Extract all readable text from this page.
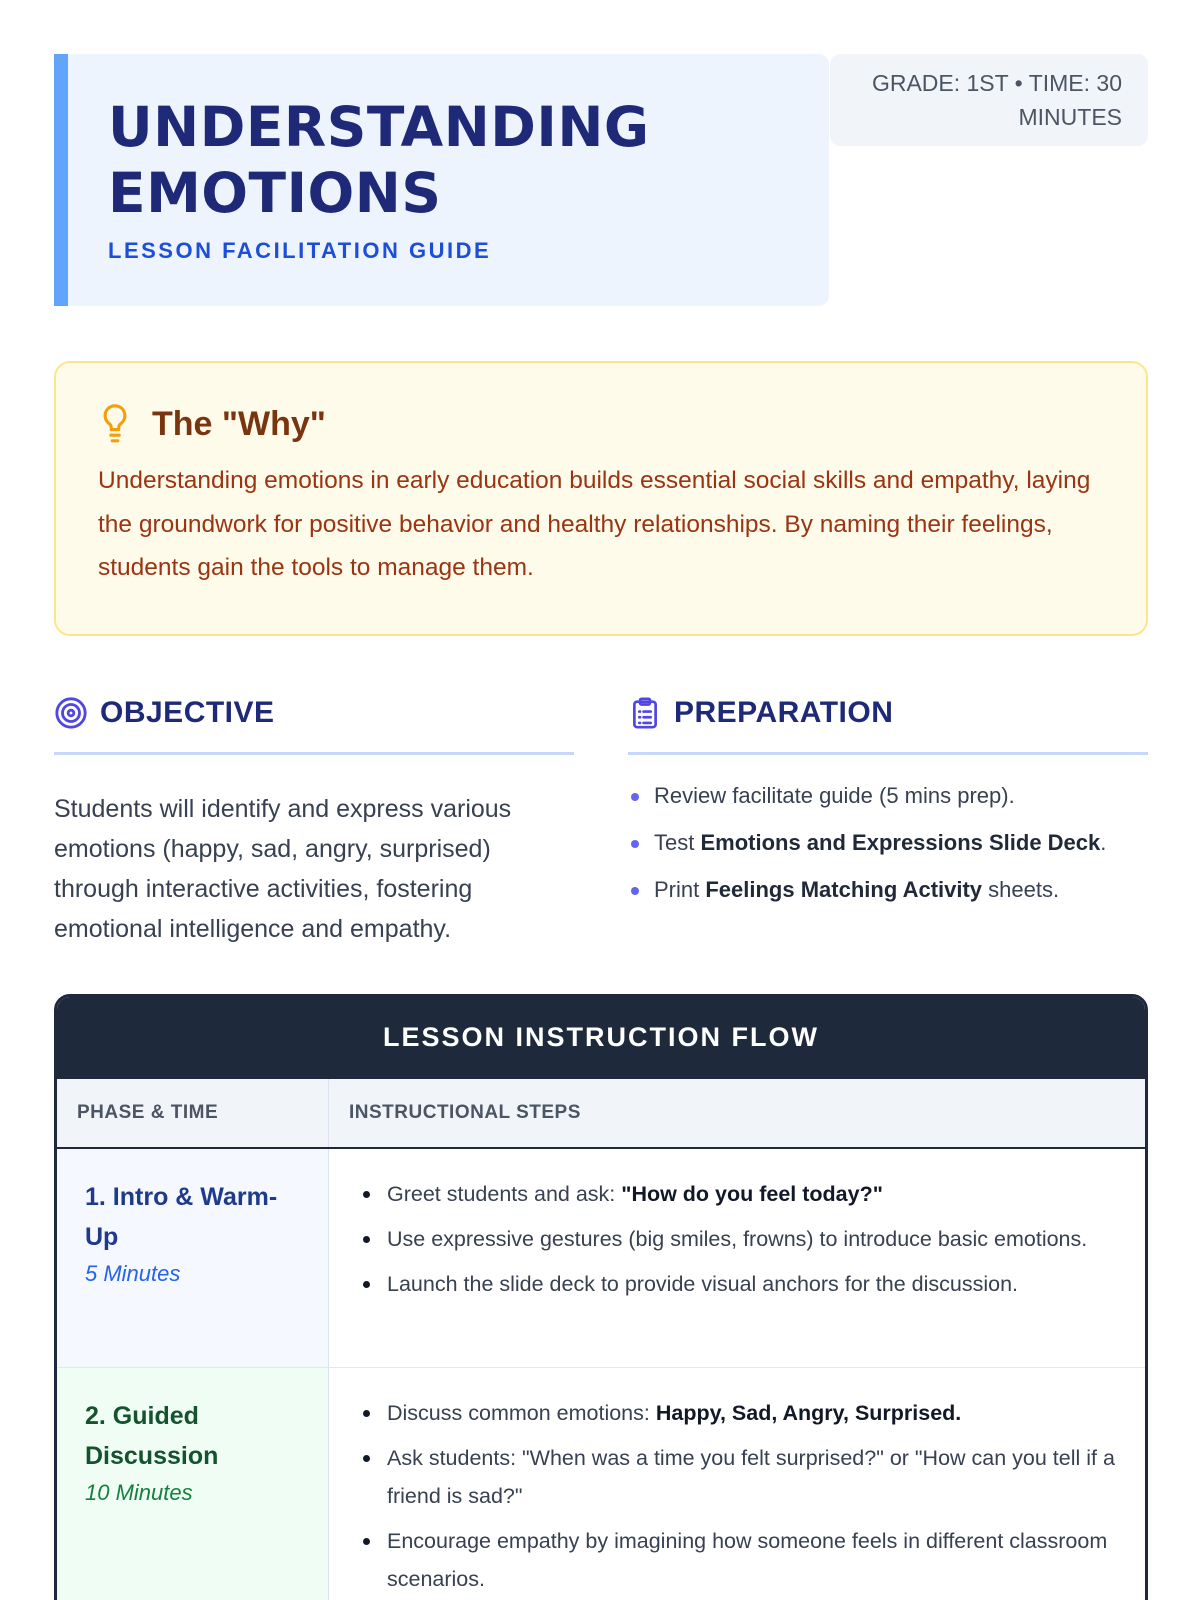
UNDERSTANDING
EMOTIONS
LESSON FACILITATION GUIDE
GRADE: 1ST • TIME: 30
MINUTES
The "Why"

Understanding emotions in early education builds essential social skills and empathy, laying the groundwork for positive behavior and healthy relationships. By naming their feelings, students gain the tools to manage them.

OBJECTIVE

Students will identify and express various emotions (happy, sad, angry, surprised) through interactive activities, fostering emotional intelligence and empathy.

PREPARATION
Review facilitate guide (5 mins prep).
Test Emotions and Expressions Slide Deck.
Print Feelings Matching Activity sheets.
LESSON INSTRUCTION FLOW
PHASE & TIME	INSTRUCTIONAL STEPS
1. Intro & Warm-Up
5 Minutes
Greet students and ask: "How do you feel today?"
Use expressive gestures (big smiles, frowns) to introduce basic emotions.
Launch the slide deck to provide visual anchors for the discussion.
2. Guided Discussion
10 Minutes
Discuss common emotions: Happy, Sad, Angry, Surprised.
Ask students: "When was a time you felt surprised?" or "How can you tell if a friend is sad?"
Encourage empathy by imagining how someone feels in different classroom scenarios.
